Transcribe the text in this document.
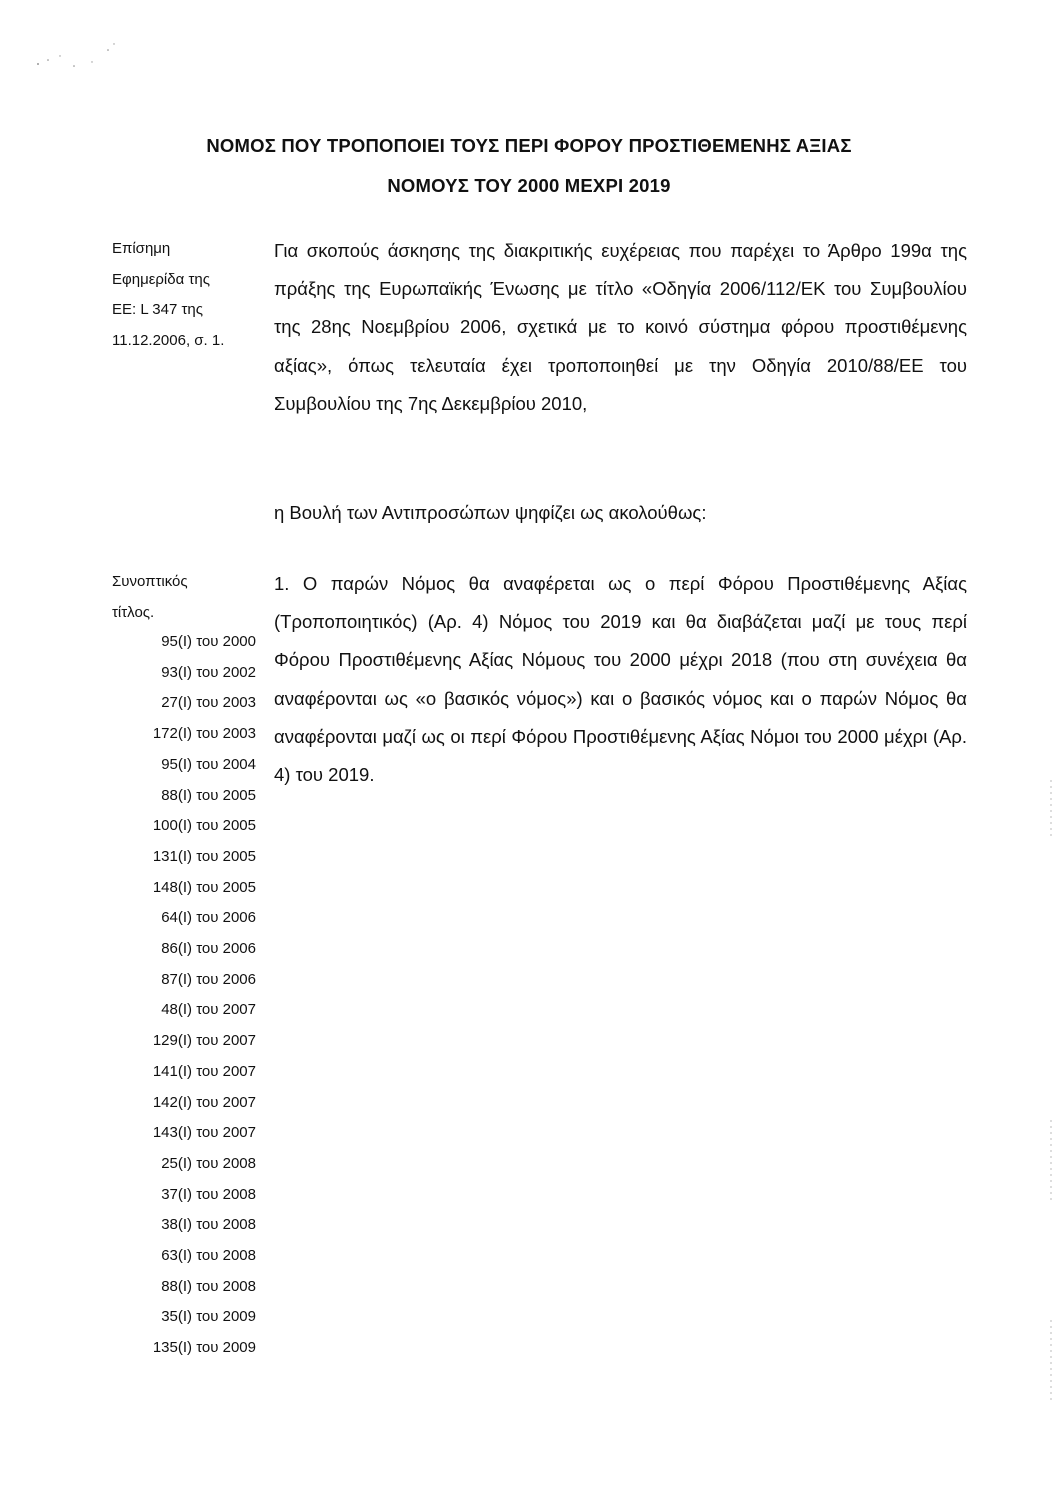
ΝΟΜΟΣ ΠΟΥ ΤΡΟΠΟΠΟΙΕΙ ΤΟΥΣ ΠΕΡΙ ΦΟΡΟΥ ΠΡΟΣΤΙΘΕΜΕΝΗΣ ΑΞΙΑΣ
ΝΟΜΟΥΣ ΤΟΥ 2000 ΜΕΧΡΙ 2019
Επίσημη
Εφημερίδα της
ΕΕ: L 347 της
11.12.2006, σ. 1.
Για σκοπούς άσκησης της διακριτικής ευχέρειας που παρέχει το Άρθρο 199α της πράξης της Ευρωπαϊκής Ένωσης με τίτλο «Οδηγία 2006/112/ΕΚ του Συμβουλίου της 28ης Νοεμβρίου 2006, σχετικά με το κοινό σύστημα φόρου προστιθέμενης αξίας», όπως τελευταία έχει τροποποιηθεί με την Οδηγία 2010/88/ΕΕ του Συμβουλίου της 7ης Δεκεμβρίου 2010,
η Βουλή των Αντιπροσώπων ψηφίζει ως ακολούθως:
Συνοπτικός
τίτλος.
95(I) του 2000
93(I) του 2002
27(I) του 2003
172(I) του 2003
95(I) του 2004
88(I) του 2005
100(I) του 2005
131(I) του 2005
148(I) του 2005
64(I) του 2006
86(I) του 2006
87(I) του 2006
48(I) του 2007
129(I) του 2007
141(I) του 2007
142(I) του 2007
143(I) του 2007
25(I) του 2008
37(I) του 2008
38(I) του 2008
63(I) του 2008
88(I) του 2008
35(I) του 2009
135(I) του 2009
1. Ο παρών Νόμος θα αναφέρεται ως ο περί Φόρου Προστιθέμενης Αξίας (Τροποποιητικός) (Αρ. 4) Νόμος του 2019 και θα διαβάζεται μαζί με τους περί Φόρου Προστιθέμενης Αξίας Νόμους του 2000 μέχρι 2018 (που στη συνέχεια θα αναφέρονται ως «ο βασικός νόμος») και ο βασικός νόμος και ο παρών Νόμος θα αναφέρονται μαζί ως οι περί Φόρου Προστιθέμενης Αξίας Νόμοι του 2000 μέχρι (Αρ. 4) του 2019.
